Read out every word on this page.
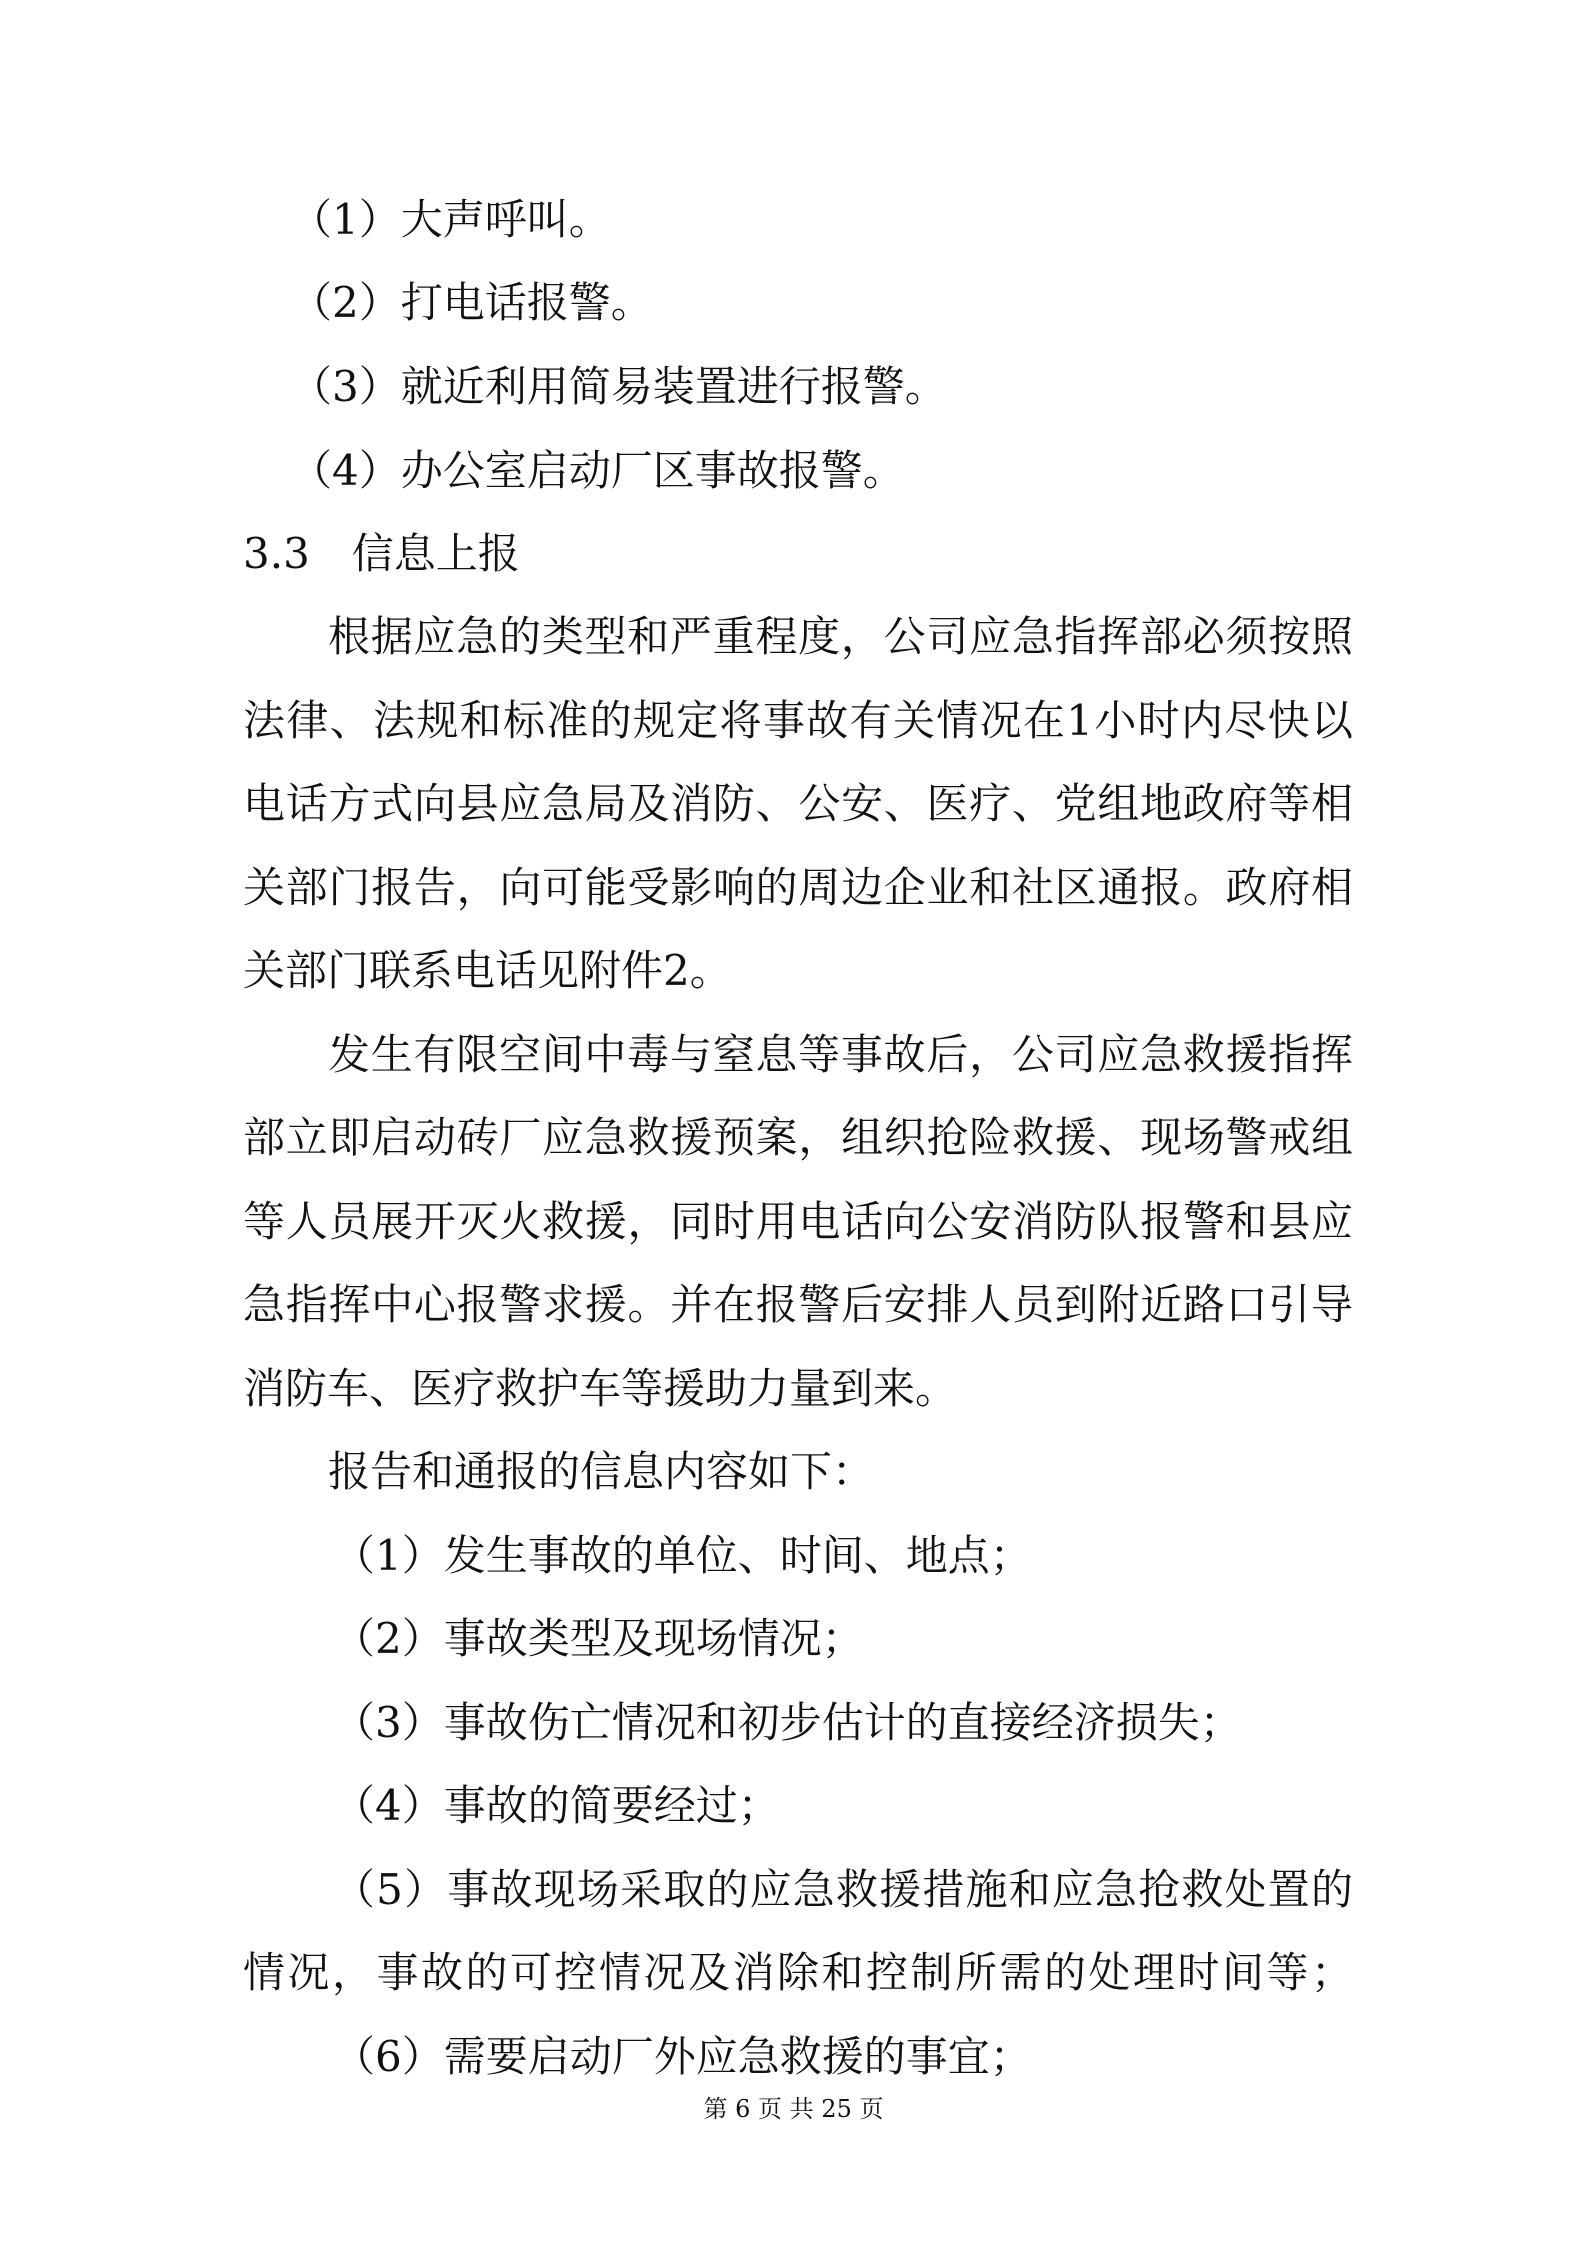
（1）大声呼叫。
（2）打电话报警。
（3）就近利用简易装置进行报警。
（4）办公室启动厂区事故报警。
3.3　信息上报
根据应急的类型和严重程度，公司应急指挥部必须按照
法律、法规和标准的规定将事故有关情况在1小时内尽快以
电话方式向县应急局及消防、公安、医疗、党组地政府等相
关部门报告，向可能受影响的周边企业和社区通报。政府相
关部门联系电话见附件2。
发生有限空间中毒与窒息等事故后，公司应急救援指挥
部立即启动砖厂应急救援预案，组织抢险救援、现场警戒组
等人员展开灭火救援，同时用电话向公安消防队报警和县应
急指挥中心报警求援。并在报警后安排人员到附近路口引导
消防车、医疗救护车等援助力量到来。
报告和通报的信息内容如下：
（1）发生事故的单位、时间、地点；
（2）事故类型及现场情况；
（3）事故伤亡情况和初步估计的直接经济损失；
（4）事故的简要经过；
（5）事故现场采取的应急救援措施和应急抢救处置的
情况，事故的可控情况及消除和控制所需的处理时间等；
（6）需要启动厂外应急救援的事宜；
第 6 页 共 25 页
